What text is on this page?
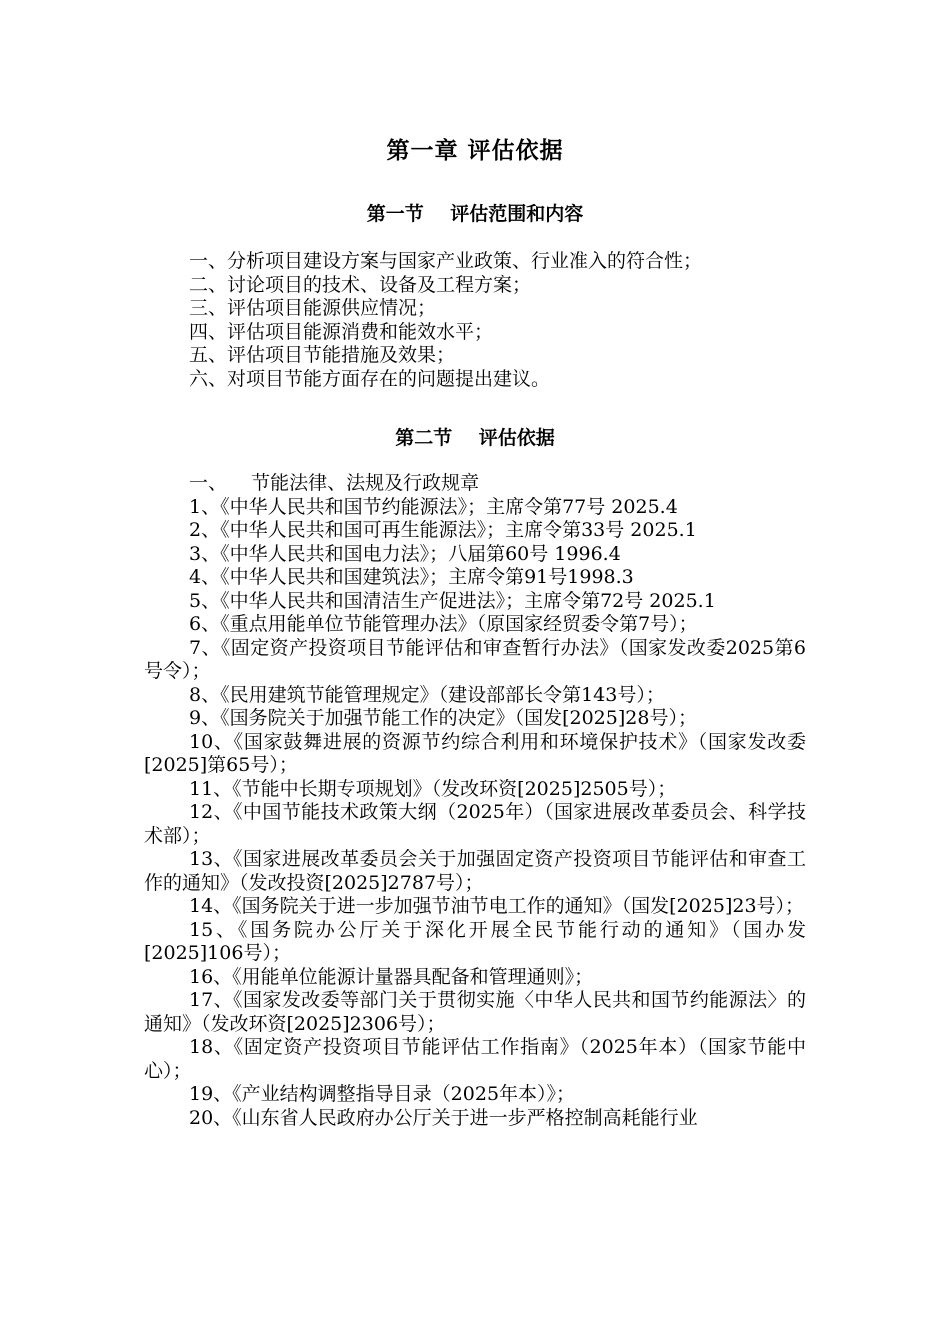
第一章 评估依据
第一节    评估范围和内容

一、分析项目建设方案与国家产业政策、行业准入的符合性；

二、讨论项目的技术、设备及工程方案；

三、评估项目能源供应情况；

四、评估项目能源消费和能效水平；

五、评估项目节能措施及效果；

六、对项目节能方面存在的问题提出建议。

第二节    评估依据

一、    节能法律、法规及行政规章

1、《中华人民共和国节约能源法》；主席令第77号 2025.4

2、《中华人民共和国可再生能源法》；主席令第33号 2025.1

3、《中华人民共和国电力法》；八届第60号 1996.4

4、《中华人民共和国建筑法》；主席令第91号1998.3

5、《中华人民共和国清洁生产促进法》；主席令第72号 2025.1

6、《重点用能单位节能管理办法》（原国家经贸委令第7号）；

7、《固定资产投资项目节能评估和审查暂行办法》（国家发改委2025第6号令）；

8、《民用建筑节能管理规定》（建设部部长令第143号）；

9、《国务院关于加强节能工作的决定》（国发[2025]28号）；

10、《国家鼓舞进展的资源节约综合利用和环境保护技术》（国家发改委[2025]第65号）；

11、《节能中长期专项规划》（发改环资[2025]2505号）；

12、《中国节能技术政策大纲（2025年）（国家进展改革委员会、科学技术部）；

13、《国家进展改革委员会关于加强固定资产投资项目节能评估和审查工作的通知》（发改投资[2025]2787号）；

14、《国务院关于进一步加强节油节电工作的通知》（国发[2025]23号）；

15、《国务院办公厅关于深化开展全民节能行动的通知》（国办发[2025]106号）；

16、《用能单位能源计量器具配备和管理通则》；

17、《国家发改委等部门关于贯彻实施〈中华人民共和国节约能源法〉的通知》（发改环资[2025]2306号）；

18、《固定资产投资项目节能评估工作指南》（2025年本）（国家节能中心）；

19、《产业结构调整指导目录（2025年本）》；

20、《山东省人民政府办公厅关于进一步严格控制高耗能行业
